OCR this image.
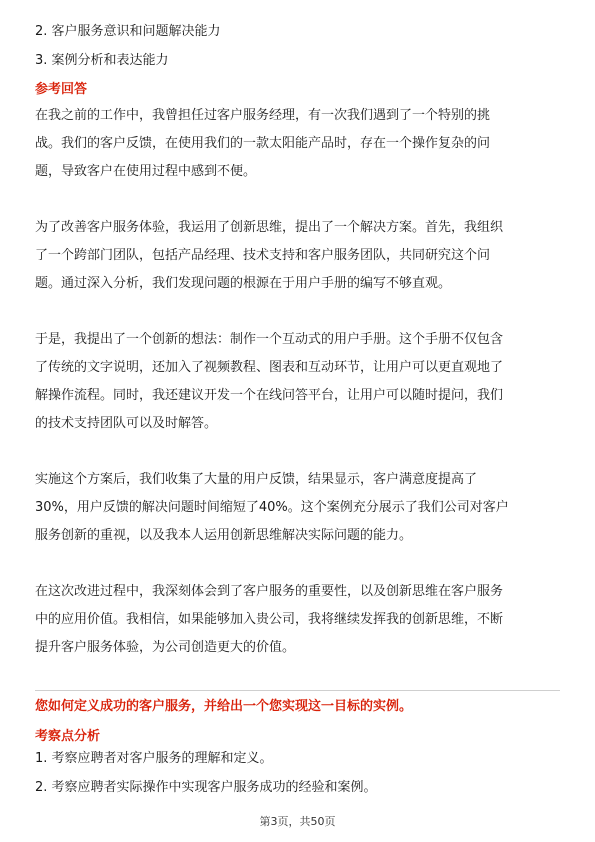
2. 客户服务意识和问题解决能力
3. 案例分析和表达能力
参考回答
在我之前的工作中，我曾担任过客户服务经理，有一次我们遇到了一个特别的挑
战。我们的客户反馈，在使用我们的一款太阳能产品时，存在一个操作复杂的问
题，导致客户在使用过程中感到不便。
为了改善客户服务体验，我运用了创新思维，提出了一个解决方案。首先，我组织
了一个跨部门团队，包括产品经理、技术支持和客户服务团队，共同研究这个问
题。通过深入分析，我们发现问题的根源在于用户手册的编写不够直观。
于是，我提出了一个创新的想法：制作一个互动式的用户手册。这个手册不仅包含
了传统的文字说明，还加入了视频教程、图表和互动环节，让用户可以更直观地了
解操作流程。同时，我还建议开发一个在线问答平台，让用户可以随时提问，我们
的技术支持团队可以及时解答。
实施这个方案后，我们收集了大量的用户反馈，结果显示，客户满意度提高了
30%，用户反馈的解决问题时间缩短了40%。这个案例充分展示了我们公司对客户
服务创新的重视，以及我本人运用创新思维解决实际问题的能力。
在这次改进过程中，我深刻体会到了客户服务的重要性，以及创新思维在客户服务
中的应用价值。我相信，如果能够加入贵公司，我将继续发挥我的创新思维，不断
提升客户服务体验，为公司创造更大的价值。
您如何定义成功的客户服务，并给出一个您实现这一目标的实例。
考察点分析
1. 考察应聘者对客户服务的理解和定义。
2. 考察应聘者实际操作中实现客户服务成功的经验和案例。
第3页，共50页
